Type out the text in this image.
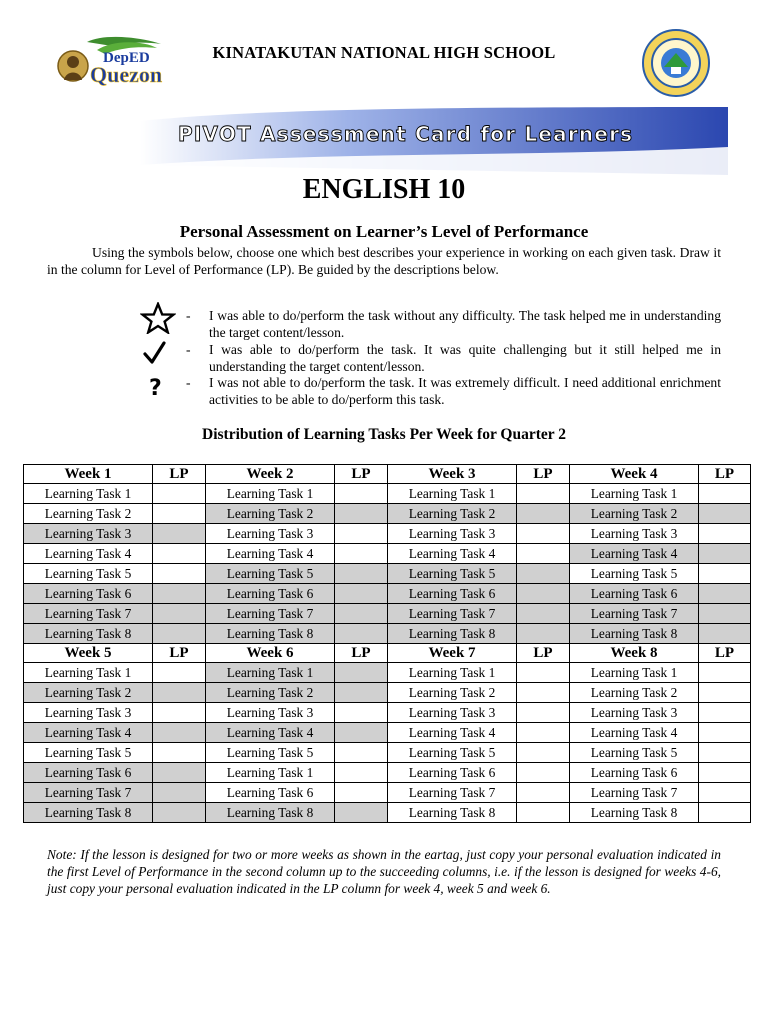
DepED
Quezon
KINATAKUTAN NATIONAL HIGH SCHOOL
PIVOT Assessment Card for Learners
ENGLISH 10
Personal Assessment on Learner’s Level of Performance
Using the symbols below, choose one which best describes your experience in working on each given task. Draw it in the column for Level of Performance (LP). Be guided by the descriptions below.
- I was able to do/perform the task without any difficulty. The task helped me in understanding the target content/lesson.
- I was able to do/perform the task. It was quite challenging but it still helped me in understanding the target content/lesson.
? - I was not able to do/perform the task. It was extremely difficult. I need additional enrichment activities to be able to do/perform this task.
Distribution of Learning Tasks Per Week for Quarter 2
Week 1	LP	Week 2	LP	Week 3	LP	Week 4	LP
Learning Task 1		Learning Task 1		Learning Task 1		Learning Task 1	
Learning Task 2		Learning Task 2		Learning Task 2		Learning Task 2	
Learning Task 3		Learning Task 3		Learning Task 3		Learning Task 3	
Learning Task 4		Learning Task 4		Learning Task 4		Learning Task 4	
Learning Task 5		Learning Task 5		Learning Task 5		Learning Task 5	
Learning Task 6		Learning Task 6		Learning Task 6		Learning Task 6	
Learning Task 7		Learning Task 7		Learning Task 7		Learning Task 7	
Learning Task 8		Learning Task 8		Learning Task 8		Learning Task 8	
Week 5	LP	Week 6	LP	Week 7	LP	Week 8	LP
Learning Task 1		Learning Task 1		Learning Task 1		Learning Task 1	
Learning Task 2		Learning Task 2		Learning Task 2		Learning Task 2	
Learning Task 3		Learning Task 3		Learning Task 3		Learning Task 3	
Learning Task 4		Learning Task 4		Learning Task 4		Learning Task 4	
Learning Task 5		Learning Task 5		Learning Task 5		Learning Task 5	
Learning Task 6		Learning Task 1		Learning Task 6		Learning Task 6	
Learning Task 7		Learning Task 6		Learning Task 7		Learning Task 7	
Learning Task 8		Learning Task 8		Learning Task 8		Learning Task 8	
Note: If the lesson is designed for two or more weeks as shown in the eartag, just copy your personal evaluation indicated in the first Level of Performance in the second column up to the succeeding columns, i.e. if the lesson is designed for weeks 4-6, just copy your personal evaluation indicated in the LP column for week 4, week 5 and week 6.
